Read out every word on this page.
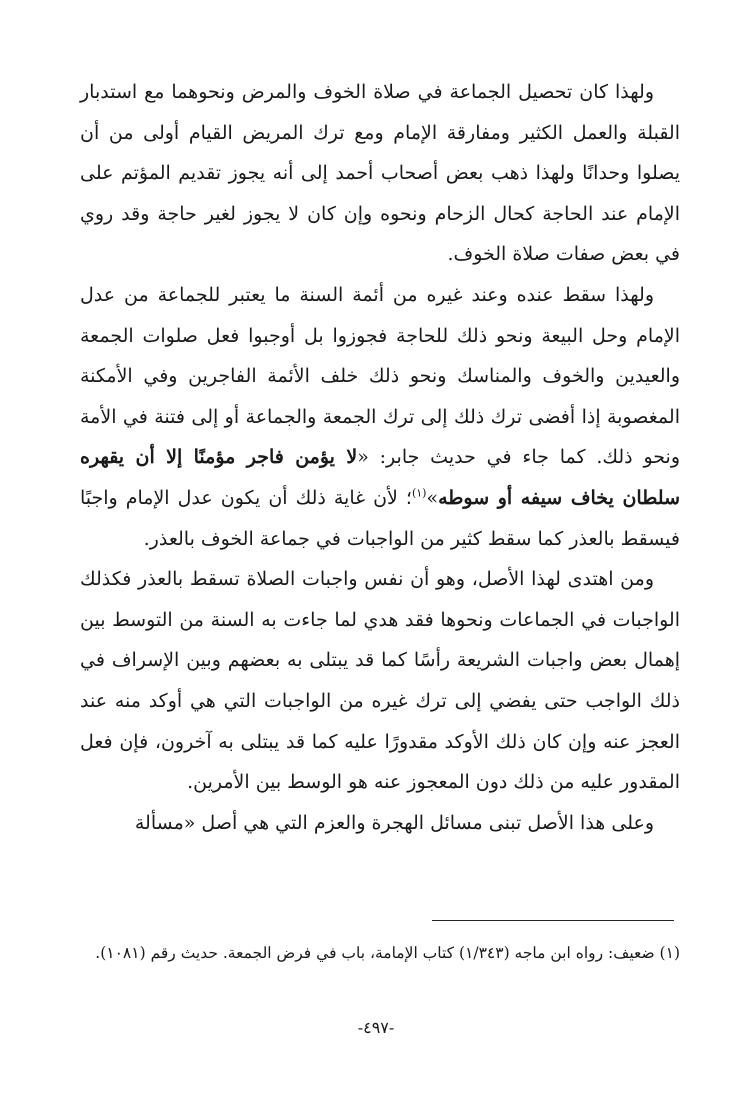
ولهذا كان تحصيل الجماعة في صلاة الخوف والمرض ونحوهما مع استدبار القبلة والعمل الكثير ومفارقة الإمام ومع ترك المريض القيام أولى من أن يصلوا وحدانًا ولهذا ذهب بعض أصحاب أحمد إلى أنه يجوز تقديم المؤتم على الإمام عند الحاجة كحال الزحام ونحوه وإن كان لا يجوز لغير حاجة وقد روي في بعض صفات صلاة الخوف.

ولهذا سقط عنده وعند غيره من أئمة السنة ما يعتبر للجماعة من عدل الإمام وحل البيعة ونحو ذلك للحاجة فجوزوا بل أوجبوا فعل صلوات الجمعة والعيدين والخوف والمناسك ونحو ذلك خلف الأئمة الفاجرين وفي الأمكنة المغصوبة إذا أفضى ترك ذلك إلى ترك الجمعة والجماعة أو إلى فتنة في الأمة ونحو ذلك. كما جاء في حديث جابر: «لا يؤمن فاجر مؤمنًا إلا أن يقهره سلطان يخاف سيفه أو سوطه»$^{(١)}$؛ لأن غاية ذلك أن يكون عدل الإمام واجبًا فيسقط بالعذر كما سقط كثير من الواجبات في جماعة الخوف بالعذر.

ومن اهتدى لهذا الأصل، وهو أن نفس واجبات الصلاة تسقط بالعذر فكذلك الواجبات في الجماعات ونحوها فقد هدي لما جاءت به السنة من التوسط بين إهمال بعض واجبات الشريعة رأسًا كما قد يبتلى به بعضهم وبين الإسراف في ذلك الواجب حتى يفضي إلى ترك غيره من الواجبات التي هي أوكد منه عند العجز عنه وإن كان ذلك الأوكد مقدورًا عليه كما قد يبتلى به آخرون، فإن فعل المقدور عليه من ذلك دون المعجوز عنه هو الوسط بين الأمرين.

وعلى هذا الأصل تبنى مسائل الهجرة والعزم التي هي أصل «مسألة

(١) ضعيف: رواه ابن ماجه (١/٣٤٣) كتاب الإمامة، باب في فرض الجمعة. حديث رقم (١٠٨١).

-٤٩٧-
